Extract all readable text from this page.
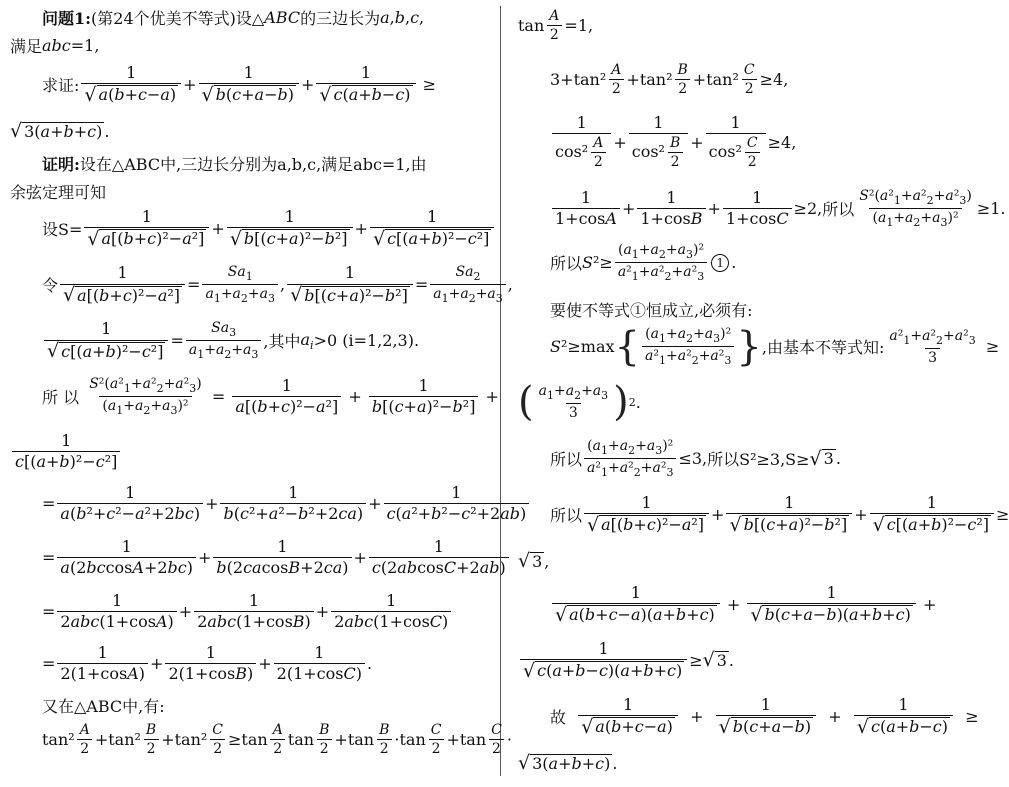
问题1: (第24个优美不等式) 设△ ABC 的三边长为 a , b , c ,
满足 abc =1,
求证: $\frac{1}{√ a(b+c-a)} + \frac{1}{√ b(c+a-b)} + \frac{1}{√ c(a+b-c)}$ ≥
√ 3(a+b+c) .
证明: 设在△ABC中,三边长分别为a,b,c,满足abc=1,由
余弦定理可知
设$S= \frac{1}{\text{√ a[(b+c)²−a²]}} + \frac{1}{\text{√ b[(c+a)²−b²]}} + \frac{1}{\text{√ c[(a+b)²−c²]}}$
令 $\frac{1}{\text{√ a[(b+c)²−a²]}} = \frac{Sa_1}{a_1+a_2+a_3}$ , $\frac{1}{\text{√ b[(c+a)²−b²]}} = \frac{Sa_2}{a_1+a_2+a_3}$ ,
$\frac{1}{\text{√ c[(a+b)²−c²]}} = \frac{Sa_3}{a_1+a_2+a_3}$ ,其中 $a_i >0$ (i=1,2,3).
所 以
$\frac{S^2(a^2_1+a^2_2+a^2_3)}{(a_1+a_2+a_3)^2} = \frac{1}{\text{a[(b+c)²−a²]}} + \frac{1}{\text{b[(c+a)²−b²]}}$ +
$\frac{1}{\text{c[(a+b)²−c²]}}$
= $\frac{1}{\text{a(b²+c²−a²+2bc)}} + \frac{1}{\text{b(c²+a²−b²+2ca)}} + \frac{1}{\text{c(a²+b²−c²+2ab)}}$
= $\frac{1}{a(2bccosA+2bc)} + \frac{1}{b(2cacosB+2ca)} + \frac{1}{c(2abcosC+2ab)}$
= $\frac{1}{\text{2abc(1+cosA)}} + \frac{1}{\text{2abc(1+cosB)}} + \frac{1}{\text{2abc(1+cosC)}}$
= $\frac{1}{2(1+\cos A)} + \frac{1}{2(1+\cos B)} + \frac{1}{2(1+\cos C)}$ .
又在△ABC中,有:
$\tan^2 \frac{A}{2} +\tan^2 \frac{B}{2} +\tan^2 \frac{C}{2} \ge\tan \frac{A}{2}$ $\tan \frac{B}{2} +\tan \frac{B}{2} \cdot\tan \frac{C}{2} +\tan \frac{C}{2}$ ·
$\tan \frac{A}{2} =1$,
$3+\tan^2 \frac{A}{2} +\tan^2 \frac{B}{2} +\tan^2 \frac{C}{2} \ge 4$,
$\frac{1}{\cos^2 \frac{A}{2}} + \frac{1}{\cos^2 \frac{B}{2}} + \frac{1}{\cos^2 \frac{C}{2}} \ge 4$,
$\frac{1}{1+\cos A} + \frac{1}{1+\cos B} + \frac{1}{1+\cos C} \ge 2$, 所以 $\frac{S^2(a^2_1+a^2_2+a^2_3)}{(a_1+a_2+a_3)^2} \ge 1$.
所以 S $^2\ge \frac{(a_1+a_2+a_3)^2}{a^2_1+a^2_2+a^2_3} 1$ .
要使不等式①恒成立,必须有:
S ²≥max { $\frac{(a_1+a_2+a_3)^2}{a^2_1+a^2_2+a^2_3}$ } ,由基本不等式知: $\frac{a^2_1+a^2_2+a^2_3}{3}$ ≥
( $\frac{a_1+a_2+a_3}{3}$ ) 2 .
所以 $\frac{(a_1+a_2+a_3)^2}{a^2_1+a^2_2+a^2_3} \le 3$, 所以S²≥3,S≥ √ 3 .
所以 $\frac{1}{\text{√ a[(b+c)²−a²]}} + \frac{1}{\text{√ b[(c+a)²−b²]}} + \frac{1}{\text{√ c[(a+b)²−c²]}}$ ≥
√ 3 ,
$\frac{1}{√ a(b+c-a)(a+b+c)} + \frac{1}{√ b(c+a-b)(a+b+c)}$ +
$\frac{1}{√ c(a+b-c)(a+b+c)}$ ≥ √ 3 .
故
$\frac{1}{√ a(b+c-a)} + \frac{1}{√ b(c+a-b)} + \frac{1}{√ c(a+b-c)}$ ≥
√ 3(a+b+c) .
